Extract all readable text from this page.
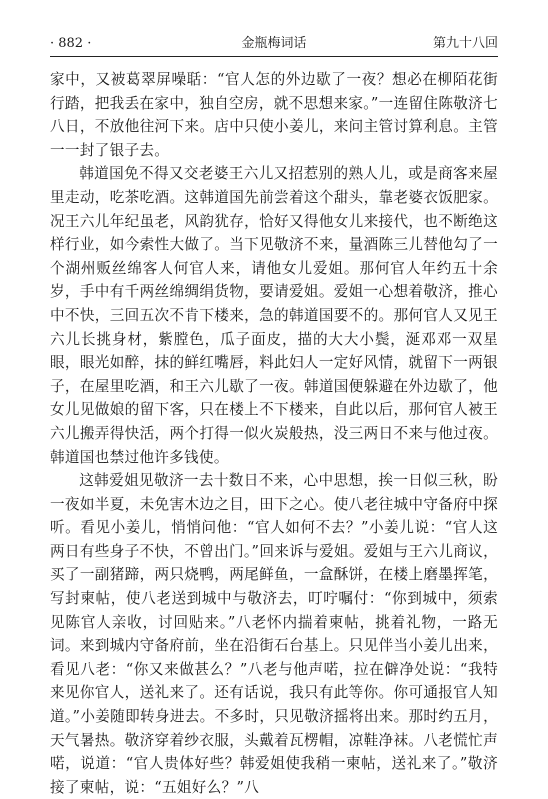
· 882 ·	金瓶梅词话	第九十八回

家中，又被葛翠屏噪聒：“官人怎的外边歇了一夜？想必在柳陌花街行踏，把我丢在家中，独自空房，就不思想来家。”一连留住陈敬济七八日，不放他往河下来。店中只使小姜儿，来问主管讨算利息。主管一一封了银子去。

韩道国免不得又交老婆王六儿又招惹别的熟人儿，或是商客来屋里走动，吃茶吃酒。这韩道国先前尝着这个甜头，靠老婆衣饭肥家。况王六儿年纪虽老，风韵犹存，恰好又得他女儿来接代，也不断绝这样行业，如今索性大做了。当下见敬济不来，量酒陈三儿替他勾了一个湖州贩丝绵客人何官人来，请他女儿爱姐。那何官人年约五十余岁，手中有千两丝绵绸绢货物，要请爱姐。爱姐一心想着敬济，推心中不快，三回五次不肯下楼来，急的韩道国要不的。那何官人又见王六儿长挑身材，紫膛色，瓜子面皮，描的大大小鬓，涎邓邓一双星眼，眼光如醉，抹的鲜红嘴唇，料此妇人一定好风情，就留下一两银子，在屋里吃酒，和王六儿歇了一夜。韩道国便躲避在外边歇了，他女儿见做娘的留下客，只在楼上不下楼来，自此以后，那何官人被王六儿搬弄得快活，两个打得一似火炭般热，没三两日不来与他过夜。韩道国也禁过他许多钱使。

这韩爱姐见敬济一去十数日不来，心中思想，挨一日似三秋，盼一夜如半夏，未免害木边之目，田下之心。使八老往城中守备府中探听。看见小姜儿，悄悄问他：“官人如何不去？”小姜儿说：“官人这两日有些身子不快，不曾出门。”回来诉与爱姐。爱姐与王六儿商议，买了一副猪蹄，两只烧鸭，两尾鲜鱼，一盒酥饼，在楼上磨墨挥笔，写封柬帖，使八老送到城中与敬济去，叮咛嘱付：“你到城中，须索见陈官人亲收，讨回贴来。”八老怀内揣着柬帖，挑着礼物，一路无词。来到城内守备府前，坐在沿街石台基上。只见伴当小姜儿出来，看见八老：“你又来做甚么？”八老与他声喏，拉在僻净处说：“我特来见你官人，送礼来了。还有话说，我只有此等你。你可通报官人知道。”小姜随即转身进去。不多时，只见敬济摇将出来。那时约五月，天气暑热。敬济穿着纱衣服，头戴着瓦楞帽，凉鞋净袜。八老慌忙声喏，说道：“官人贵体好些？韩爱姐使我稍一柬帖，送礼来了。”敬济接了柬帖，说：“五姐好么？”八
